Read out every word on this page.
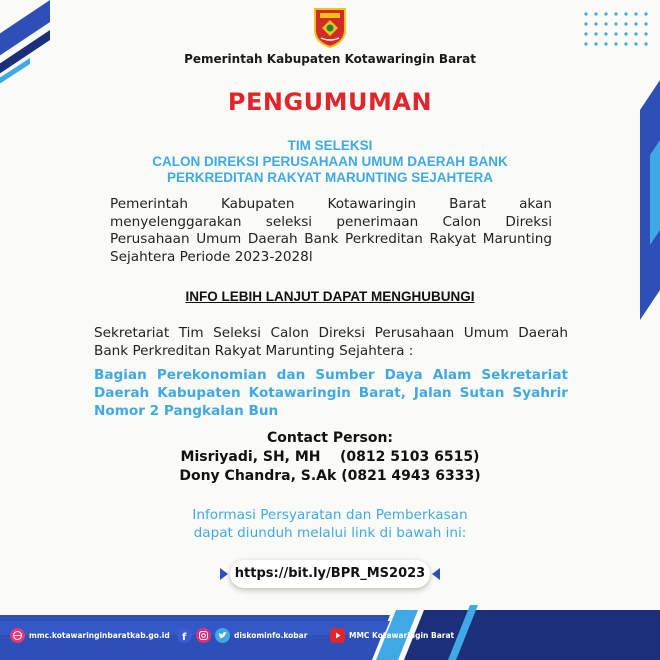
Pemerintah Kabupaten Kotawaringin Barat
PENGUMUMAN
TIM SELEKSI
CALON DIREKSI PERUSAHAAN UMUM DAERAH BANK
PERKREDITAN RAKYAT MARUNTING SEJAHTERA
Pemerintah Kabupaten Kotawaringin Barat akan menyelenggarakan seleksi penerimaan Calon Direksi Perusahaan Umum Daerah Bank Perkreditan Rakyat Marunting Sejahtera Periode 2023-2028l
INFO LEBIH LANJUT DAPAT MENGHUBUNGI
Sekretariat Tim Seleksi Calon Direksi Perusahaan Umum Daerah Bank Perkreditan Rakyat Marunting Sejahtera :
Bagian Perekonomian dan Sumber Daya Alam Sekretariat Daerah Kabupaten Kotawaringin Barat, Jalan Sutan Syahrir Nomor 2 Pangkalan Bun
Contact Person:
Misriyadi, SH, MH    (0812 5103 6515)
Dony Chandra, S.Ak (0821 4943 6333)
Informasi Persyaratan dan Pemberkasan
dapat diunduh melalui link di bawah ini:
https://bit.ly/BPR_MS2023
mmc.kotawaringinbaratkab.go.id f	diskominfo.kobar	MMC Kotawaringin Barat
